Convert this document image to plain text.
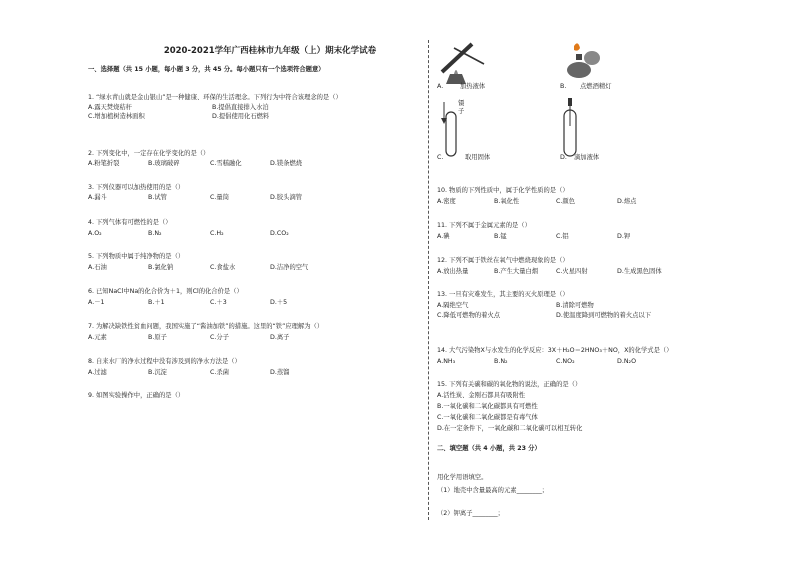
2020-2021学年广西桂林市九年级（上）期末化学试卷
一、选择题（共 15 小题，每小题 3 分，共 45 分。每小题只有一个选项符合题意）
1. “绿水青山就是金山银山”是一种健康、环保的生活理念。下列行为中符合该理念的是（）
A.露天焚烧秸秆	B.提倡直接排入水泊
C.增加植树造林面积	D.提倡使用化石燃料
2. 下列变化中，一定存在化学变化的是（）
A.粉笔折裂	B.玻璃破碎	C.雪糕融化	D.镁条燃烧
3. 下列仪器可以加热使用的是（）
A.漏斗	B.试管	C.量筒	D.胶头滴管
4. 下列气体有可燃性的是（）
A.O₂	B.N₂	C.H₂	D.CO₂
5. 下列物质中属于纯净物的是（）
A.石油	B.氯化钠	C.食盐水	D.洁净的空气
6. 已知NaCl中Na的化合价为＋1，则Cl的化合价是（）
A.－1	B.＋1	C.＋3	D.＋5
7. 为解决缺铁性贫血问题，我国实施了“酱油加铁”的措施。这里的“铁”应理解为（）
A.元素	B.原子	C.分子	D.离子
8. 自来水厂的净水过程中没有涉及到的净水方法是（）
A.过滤	B.沉淀	C.杀菌	D.蒸馏
9. 如图实验操作中，正确的是（）
A.	加热液体	B. 点燃酒精灯
镊
子
C.	取用固体	D. 滴加液体
10. 物质的下列性质中，属于化学性质的是（）
A.密度	B.氧化性	C.颜色	D.熔点
11. 下列不属于金属元素的是（）
A.碘	B.锰	C.铝	D.钾
12. 下列不属于铁丝在氧气中燃烧现象的是（）
A.放出热量	B.产生大量白烟	C.火星四射	D.生成黑色固体
13. 一旦有灾难发生，其主要的灭火原理是（）
A.隔绝空气	B.清除可燃物
C.降低可燃物的着火点	D.使温度降到可燃物的着火点以下
14. 大气污染物X与水发生的化学反应：3X＋H₂O＝2HNO₃＋NO，X的化学式是（）
A.NH₃	B.N₂	C.NO₂	D.N₂O
15. 下列有关碳和碳的氧化物的说法，正确的是（）
A.活性炭、金刚石都具有吸附性
B.一氧化碳和二氧化碳都具有可燃性
C.一氧化碳和二氧化碳都是有毒气体
D.在一定条件下，一氧化碳和二氧化碳可以相互转化
二、填空题（共 4 小题，共 23 分）
用化学用语填空。
（1）地壳中含量最高的元素________；
（2）钾离子________；
